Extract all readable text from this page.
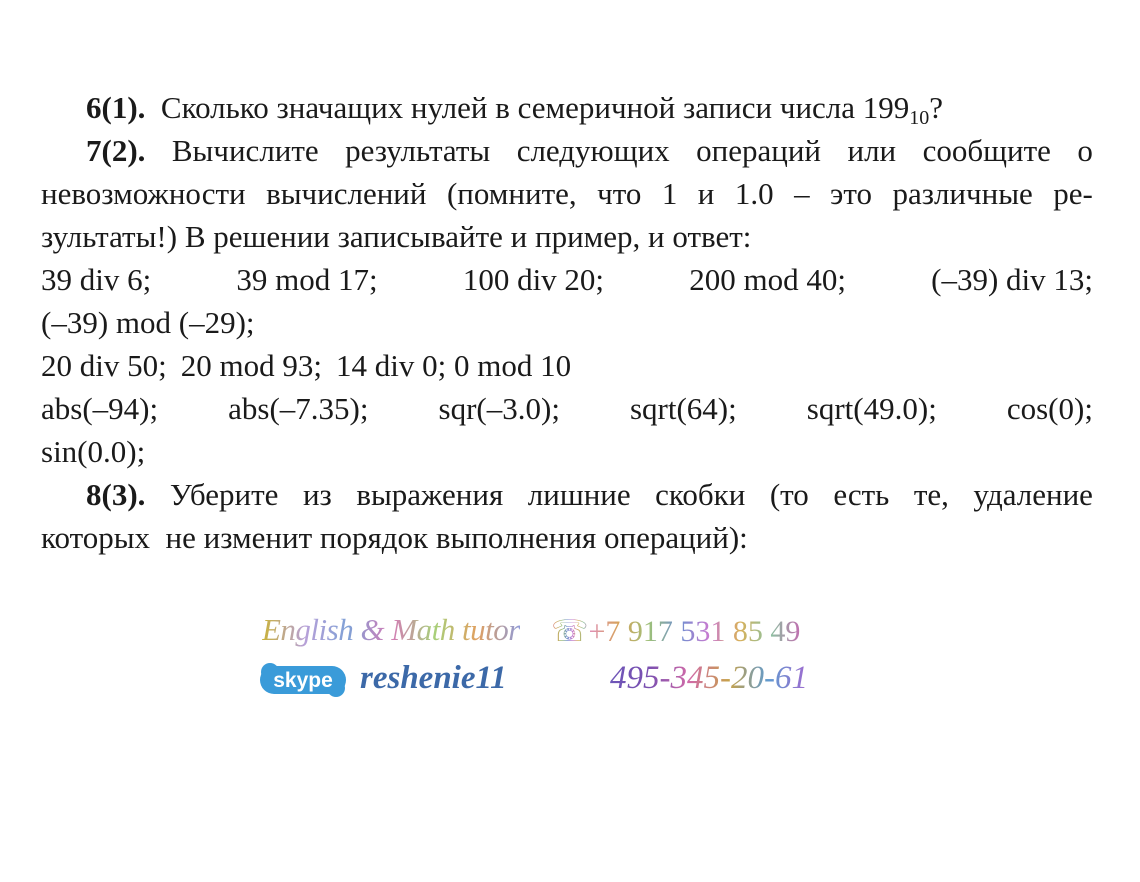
6(1). Сколько значащих нулей в семеричной записи числа $199_{10}$?
7(2). Вычислите результаты следующих операций или сообщите о
невозможности вычислений (помните, что 1 и 1.0 – это различные ре-
зультаты!) В решении записывайте и пример, и ответ:
39 div 6;	39 mod 17;	100 div 20;	200 mod 40;	(–39) div 13;
(–39) mod (–29);
20 div 50; 20 mod 93; 14 div 0; 0 mod 10
abs(–94); abs(–7.35); sqr(–3.0); sqrt(64); sqrt(49.0); cos(0);
sin(0.0);
8(3). Уберите из выражения лишние скобки (то есть те, удаление
которых  не изменит порядок выполнения операций):
English & Math tutor ☏+7 917 531 85 49
skype reshenie11	495-345-20-61
